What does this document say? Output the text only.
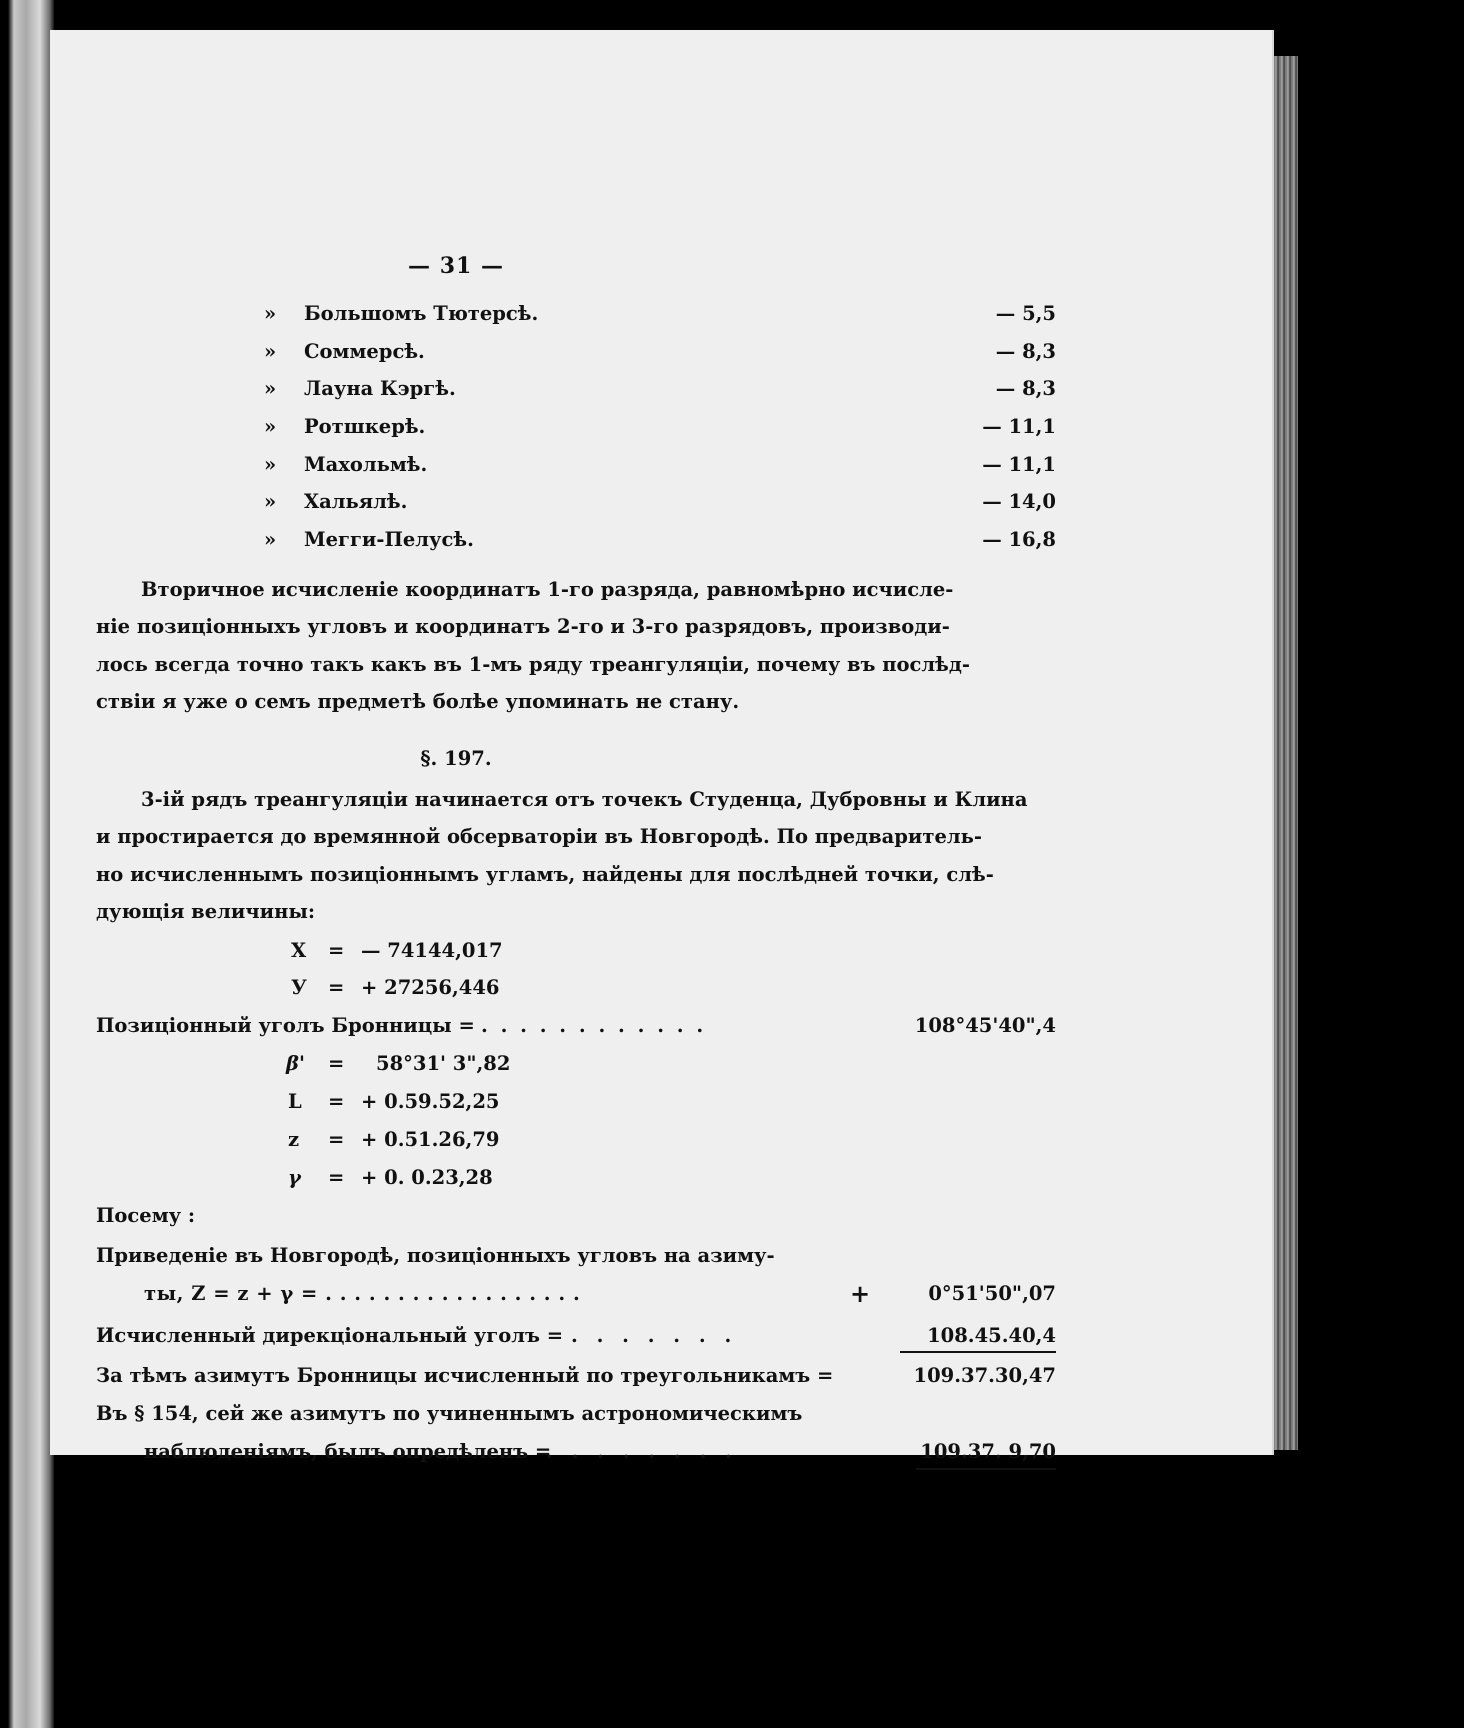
— 31 —
» Большомъ Тютерсѣ.	— 5,5
» Соммерсѣ.	— 8,3
» Лауна Кэргѣ.	— 8,3
» Ротшкерѣ.	— 11,1
» Махольмѣ.	— 11,1
» Хальялѣ.	— 14,0
» Мегги-Пелусѣ.	— 16,8
Вторичное исчисленіе координатъ 1-го разряда, равномѣрно исчисле-
ніе позиціонныхъ угловъ и координатъ 2-го и 3-го разрядовъ, производи-
лось всегда точно такъ какъ въ 1-мъ ряду треангуляціи, почему въ послѣд-
ствіи я уже о семъ предметѣ болѣе упоминать не стану.
§. 197.
3-ій рядъ треангуляціи начинается отъ точекъ Студенца, Дубровны и Клина
и простирается до времянной обсерваторіи въ Новгородѣ. По предваритель-
но исчисленнымъ позиціоннымъ угламъ, найдены для послѣдней точки, слѣ-
дующія величины:
X = — 74144,017
У = + 27256,446
Позиціонный уголъ Бронницы = . . . . . . . . . . . .	108°45'40",4
β' = 58°31' 3",82
L = + 0.59.52,25
z = + 0.51.26,79
γ = + 0. 0.23,28
Посему :
Приведеніе въ Новгородѣ, позиціонныхъ угловъ на азиму-
ты, Z = z + γ = . . . . . . . . . . . . . . . . . .	+	0°51'50",07
Исчисленный дирекціональный уголъ = . . . . . . .	108.45.40,4
За тѣмъ азимутъ Бронницы исчисленный по треугольникамъ =	109.37.30,47
Въ § 154, сей же азимутъ по учиненнымъ астрономическимъ
наблюденіямъ, былъ опредѣленъ =
. . . . . . . .	109.37. 9,70
